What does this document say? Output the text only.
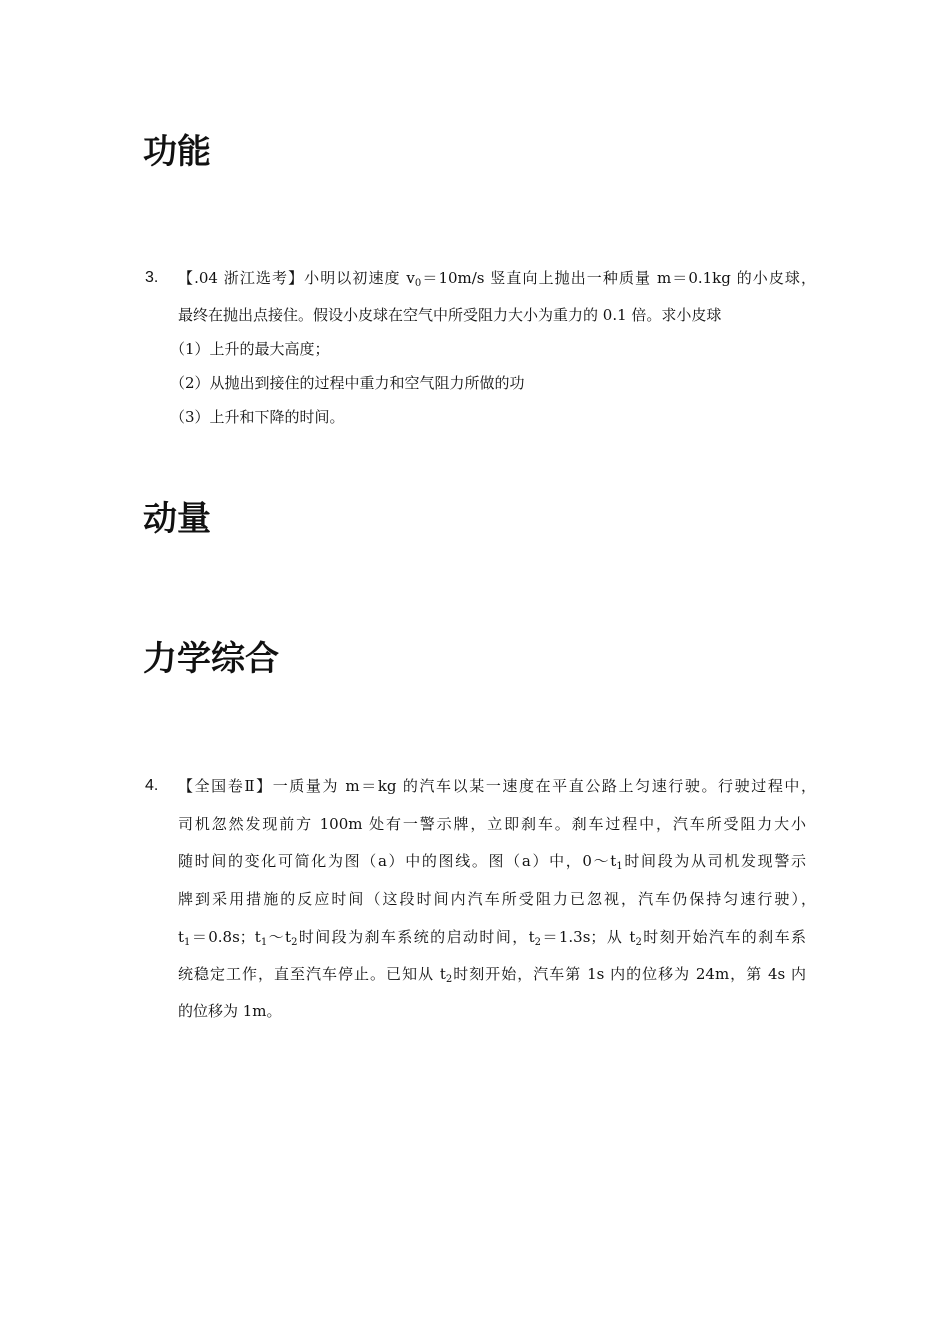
功能
3. 【.04 浙江选考】小明以初速度 $v_0=10m/s$ 竖直向上抛出一种质量 m＝0.1kg 的小皮球，
最终在抛出点接住。假设小皮球在空气中所受阻力大小为重力的 0.1 倍。求小皮球
（1）上升的最大高度；
（2）从抛出到接住的过程中重力和空气阻力所做的功
（3）上升和下降的时间。
动量
力学综合
4. 【全国卷Ⅱ】一质量为 m＝kg 的汽车以某一速度在平直公路上匀速行驶。行驶过程中，
司机忽然发现前方 100m 处有一警示牌，立即刹车。刹车过程中，汽车所受阻力大小
随时间的变化可简化为图（a）中的图线。图（a）中，$0\sim t_1$时间段为从司机发现警示
牌到采用措施的反应时间（这段时间内汽车所受阻力已忽视，汽车仍保持匀速行驶），
$t_1=0.8s$；$t_1\sim t_2$时间段为刹车系统的启动时间，$t_2=1.3s$；从 $t_2$时刻开始汽车的刹车系
统稳定工作，直至汽车停止。已知从 $t_2$时刻开始，汽车第 1s 内的位移为 24m，第 4s 内
的位移为 1m。
